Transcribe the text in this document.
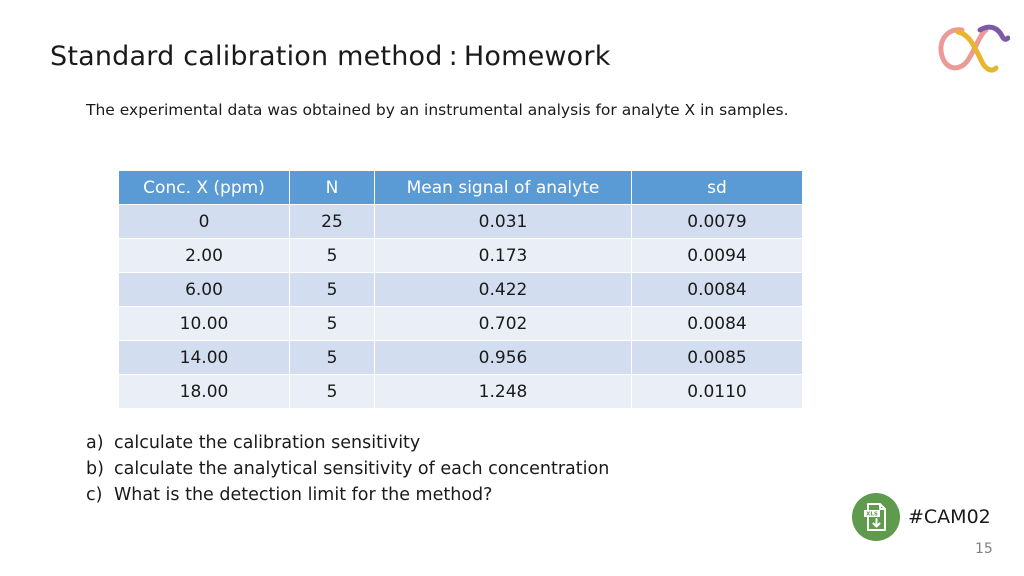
Standard calibration method : Homework

The experimental data was obtained by an instrumental analysis for analyte X in samples.

Conc. X (ppm)	N	Mean signal of analyte	sd
0	25	0.031	0.0079
2.00	5	0.173	0.0094
6.00	5	0.422	0.0084
10.00	5	0.702	0.0084
14.00	5	0.956	0.0085
18.00	5	1.248	0.0110
a) calculate the calibration sensitivity
b) calculate the analytical sensitivity of each concentration
c) What is the detection limit for the method?
XLS #CAM02
15
